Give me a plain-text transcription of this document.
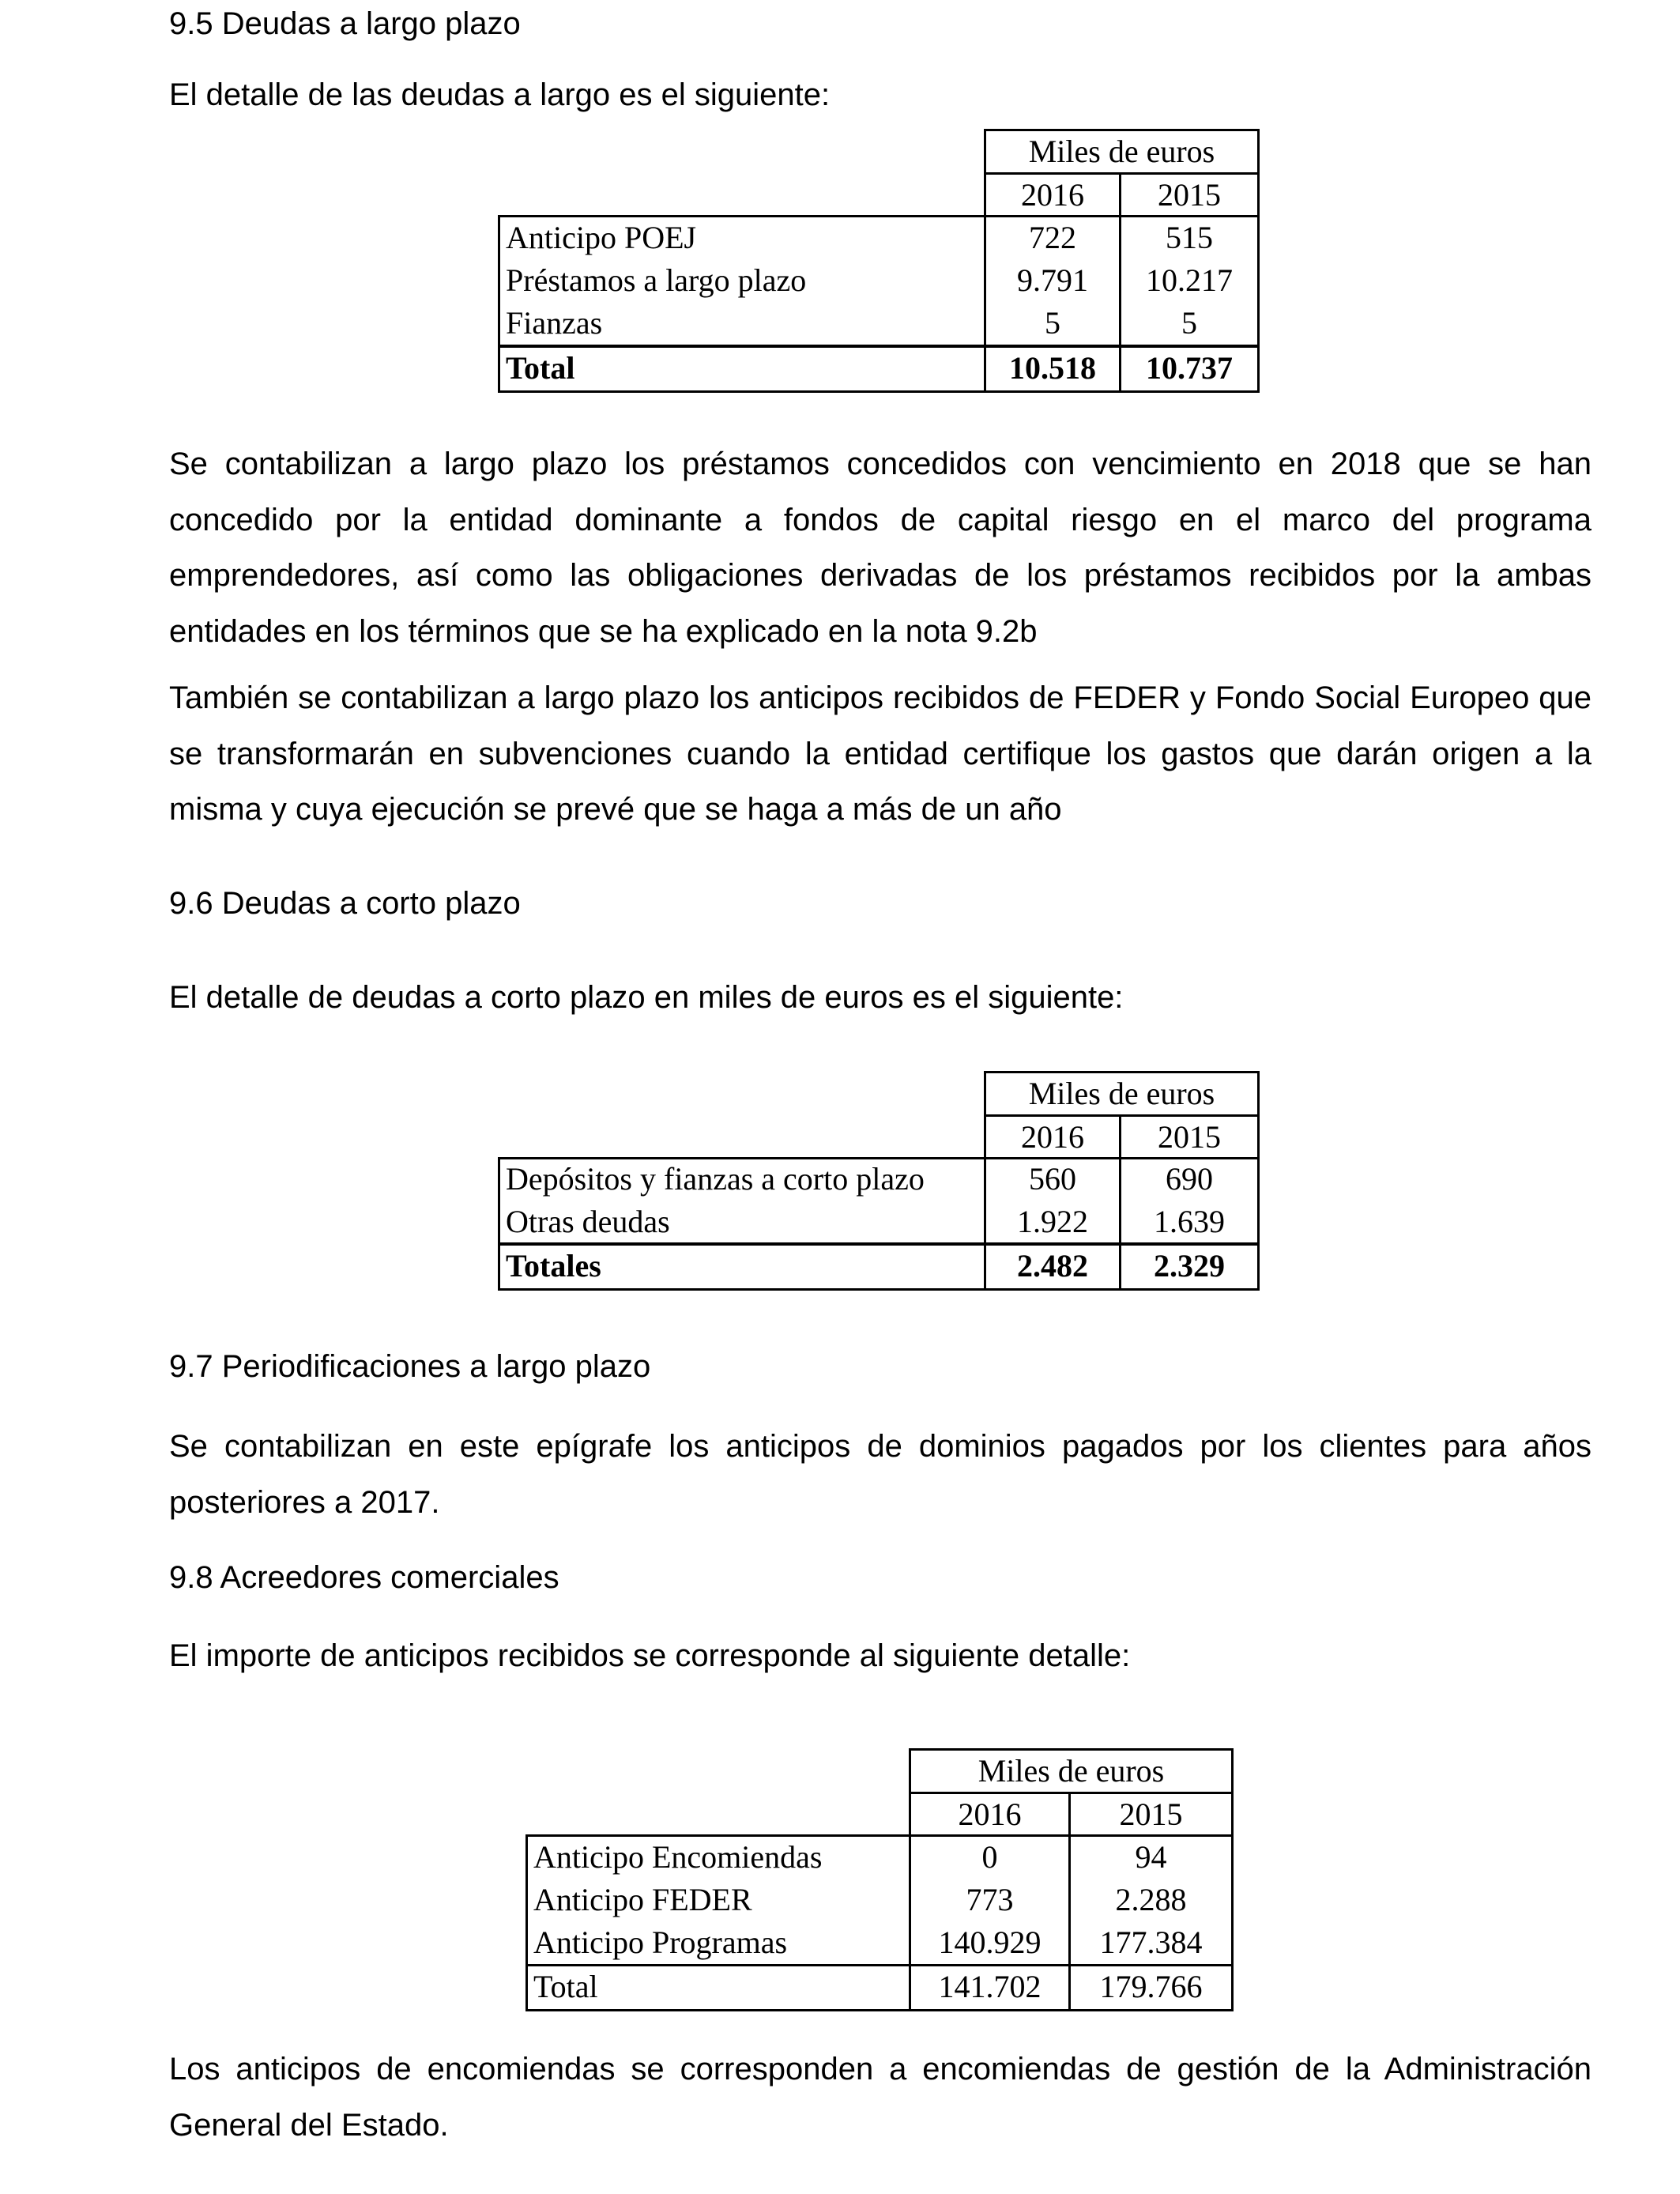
9.5 Deudas a largo plazo
El detalle de las deudas a largo es el siguiente:
Miles de euros
2016	2015
Anticipo POEJ	722	515
Préstamos a largo plazo	9.791	10.217
Fianzas	5	5
Total	10.518	10.737
Se contabilizan a largo plazo los préstamos concedidos con vencimiento en 2018 que se han concedido por la entidad dominante a fondos de capital riesgo en el marco del programa emprendedores, así como las obligaciones derivadas de los préstamos recibidos por la ambas entidades en los términos que se ha explicado en la nota 9.2b
También se contabilizan a largo plazo los anticipos recibidos de FEDER y Fondo Social Europeo que se transformarán en subvenciones cuando la entidad certifique los gastos que darán origen a la misma y cuya ejecución se prevé que se haga a más de un año
9.6 Deudas a corto plazo
El detalle de deudas a corto plazo en miles de euros es el siguiente:
Miles de euros
2016	2015
Depósitos y fianzas a corto plazo	560	690
Otras deudas	1.922	1.639
Totales	2.482	2.329
9.7 Periodificaciones a largo plazo
Se contabilizan en este epígrafe los anticipos de dominios pagados por los clientes para años posteriores a 2017.
9.8 Acreedores comerciales
El importe de anticipos recibidos se corresponde al siguiente detalle:
Miles de euros
2016	2015
Anticipo Encomiendas	0	94
Anticipo FEDER	773	2.288
Anticipo Programas	140.929	177.384
Total	141.702	179.766
Los anticipos de encomiendas se corresponden a encomiendas de gestión de la Administración General del Estado.
